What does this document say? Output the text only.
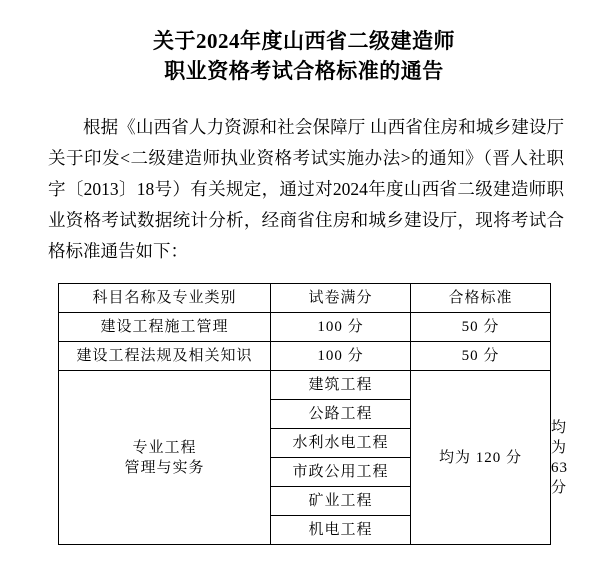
关于2024年度山西省二级建造师
职业资格考试合格标准的通告
根据《山西省人力资源和社会保障厅 山西省住房和城乡建设厅关于印发<二级建造师执业资格考试实施办法>的通知》（晋人社职字〔2013〕18号）有关规定，通过对2024年度山西省二级建造师职业资格考试数据统计分析，经商省住房和城乡建设厅，现将考试合格标准通告如下：
科目名称及专业类别	试卷满分	合格标准	
建设工程施工管理	100 分	50 分	
建设工程法规及相关知识	100 分	50 分	

专业工程
管理与实务	建筑工程	均为 120 分	均为 63 分
	公路工程		
	水利水电工程		
	市政公用工程		
	矿业工程		
	机电工程		
